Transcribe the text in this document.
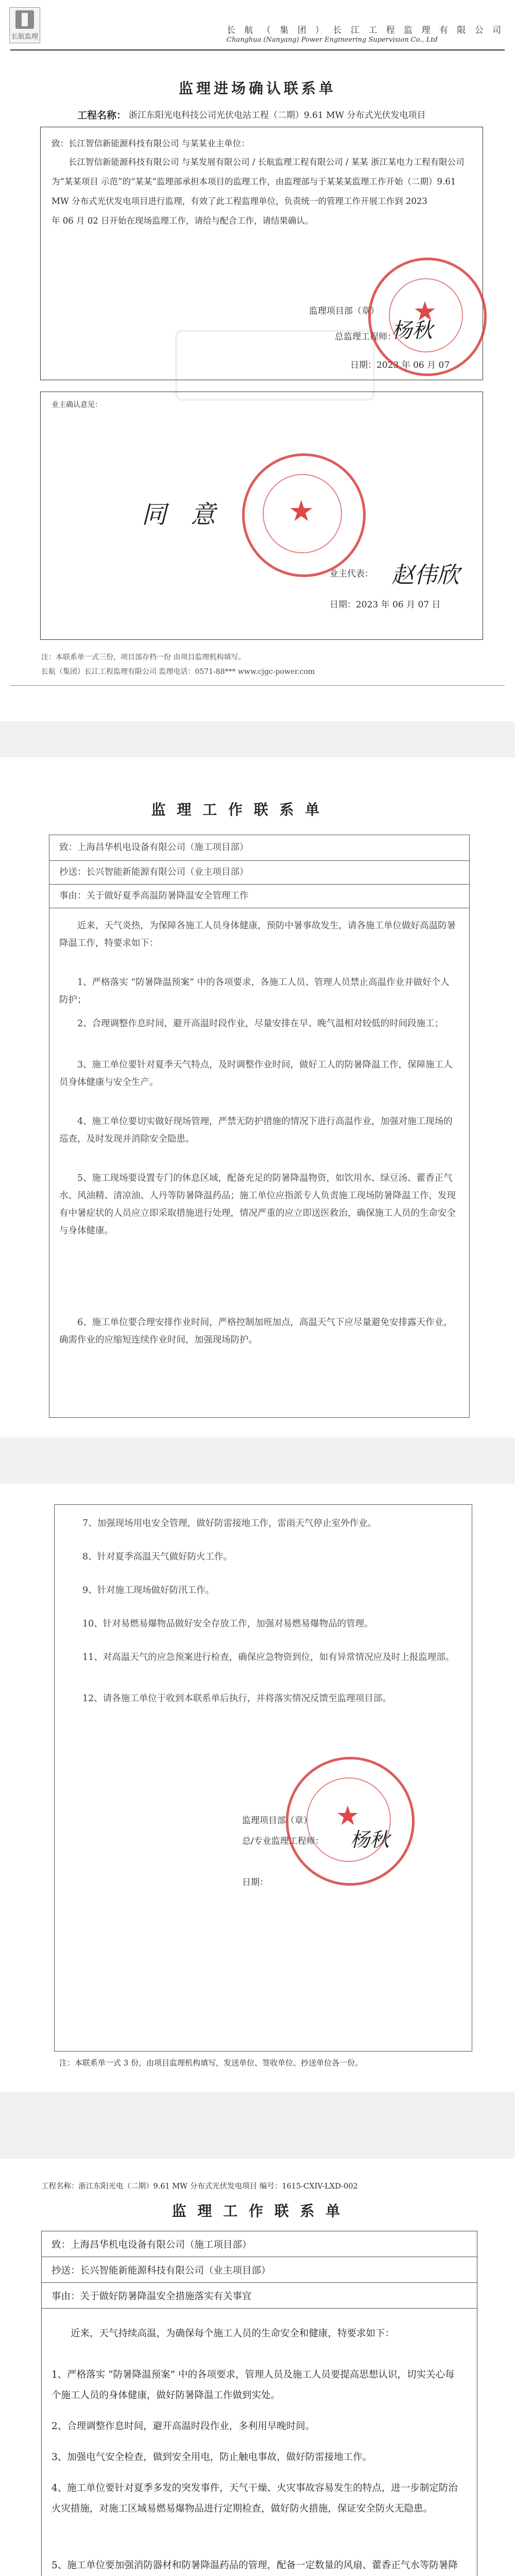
长航监理
长 航 （ 集 团 ） 长 江 工 程 监 理 有 限 公 司
Changhua (Nanyang) Power Engineering Supervision Co., Ltd
监理进场确认联系单
工程名称： 浙江东阳光电科技公司光伏电站工程（二期）9.61 MW 分布式光伏发电项目
致：长江智信新能源科技有限公司 与某某业主单位：
长江智信新能源科技有限公司 与某发展有限公司 / 长航监理工程有限公司 / 某某 浙江某电力工程有限公司 为“某某项目 示范”的“某某”监理部承担本项目的监理工作，由监理部与于某某某监理工作开始（二期）9.61 MW 分布式光伏发电项目进行监理，有效了此工程监理单位，负责统一的管理工作开展工作到 2023
年 06 月 02 日开始在现场监理工作，请给与配合工作，请结果确认。
监理项目部（章）
总监理工程师：
杨秋
日期：2023 年 06 月 07
★
业主确认意见：
同 意 ★
业主代表： 赵伟欣
日期：2023 年 06 月 07 日
注：本联系单一式三份，项目部存档一份 由项目监理机构填写。
长航（集团）长江工程监理有限公司 监理电话：0571-88*** www.cjgc-power.com
监 理 工 作 联 系 单
致：上海昌华机电设备有限公司（施工项目部）
抄送：长兴智能新能源有限公司（业主项目部）
事由：关于做好夏季高温防暑降温安全管理工作
近来，天气炎热，为保障各施工人员身体健康，预防中暑事故发生，请各施工单位做好高温防暑降温工作，特要求如下：
1、严格落实 “防暑降温预案” 中的各项要求，各施工人员、管理人员禁止高温作业并做好个人防护；
2、合理调整作息时间，避开高温时段作业，尽量安排在早、晚气温相对较低的时间段施工；
3、施工单位要针对夏季天气特点，及时调整作业时间，做好工人的防暑降温工作，保障施工人员身体健康与安全生产。
4、施工单位要切实做好现场管理，严禁无防护措施的情况下进行高温作业，加强对施工现场的巡查，及时发现并消除安全隐患。
5、施工现场要设置专门的休息区域，配备充足的防暑降温物资，如饮用水、绿豆汤、藿香正气水、风油精、清凉油、人丹等防暑降温药品；施工单位应指派专人负责施工现场防暑降温工作，发现有中暑症状的人员应立即采取措施进行处理，情况严重的应立即送医救治，确保施工人员的生命安全与身体健康。
6、施工单位要合理安排作业时间，严格控制加班加点，高温天气下应尽量避免安排露天作业，确需作业的应缩短连续作业时间，加强现场防护。
7、加强现场用电安全管理，做好防雷接地工作，雷雨天气停止室外作业。
8、针对夏季高温天气做好防火工作。
9、针对施工现场做好防汛工作。
10、针对易燃易爆物品做好安全存放工作，加强对易燃易爆物品的管理。
11、对高温天气的应急预案进行检查，确保应急物资到位，如有异常情况应及时上报监理部。
12、请各施工单位于收到本联系单后执行，并将落实情况反馈至监理项目部。
★
监理项目部（章）
总/专业监理工程师： 杨秋
日期：
注：本联系单一式 3 份，由项目监理机构填写，发送单位、签收单位、抄送单位各一份。
工程名称：浙江东阳光电（二期）9.61 MW 分布式光伏发电项目 编号：1615-CXIV-LXD-002
监 理 工 作 联 系 单
致：上海昌华机电设备有限公司（施工项目部）
抄送：长兴智能新能源科技有限公司（业主项目部）
事由：关于做好防暑降温安全措施落实有关事宜
近来，天气持续高温，为确保每个施工人员的生命安全和健康，特要求如下：
1、严格落实 “防暑降温预案” 中的各项要求，管理人员及施工人员要提高思想认识，切实关心每个施工人员的身体健康，做好防暑降温工作做到实处。
2、合理调整作息时间，避开高温时段作业，多利用早晚时间。
3、加强电气安全检查，做到安全用电，防止触电事故，做好防雷接地工作。
4、施工单位要针对夏季多发的突发事件，天气干燥、火灾事故容易发生的特点，进一步制定防治火灾措施，对施工区域易燃易爆物品进行定期检查，做好防火措施，保证安全防火无隐患。
5、施工单位要加强消防器材和防暑降温药品的管理，配备一定数量的风扇、藿香正气水等防暑降
